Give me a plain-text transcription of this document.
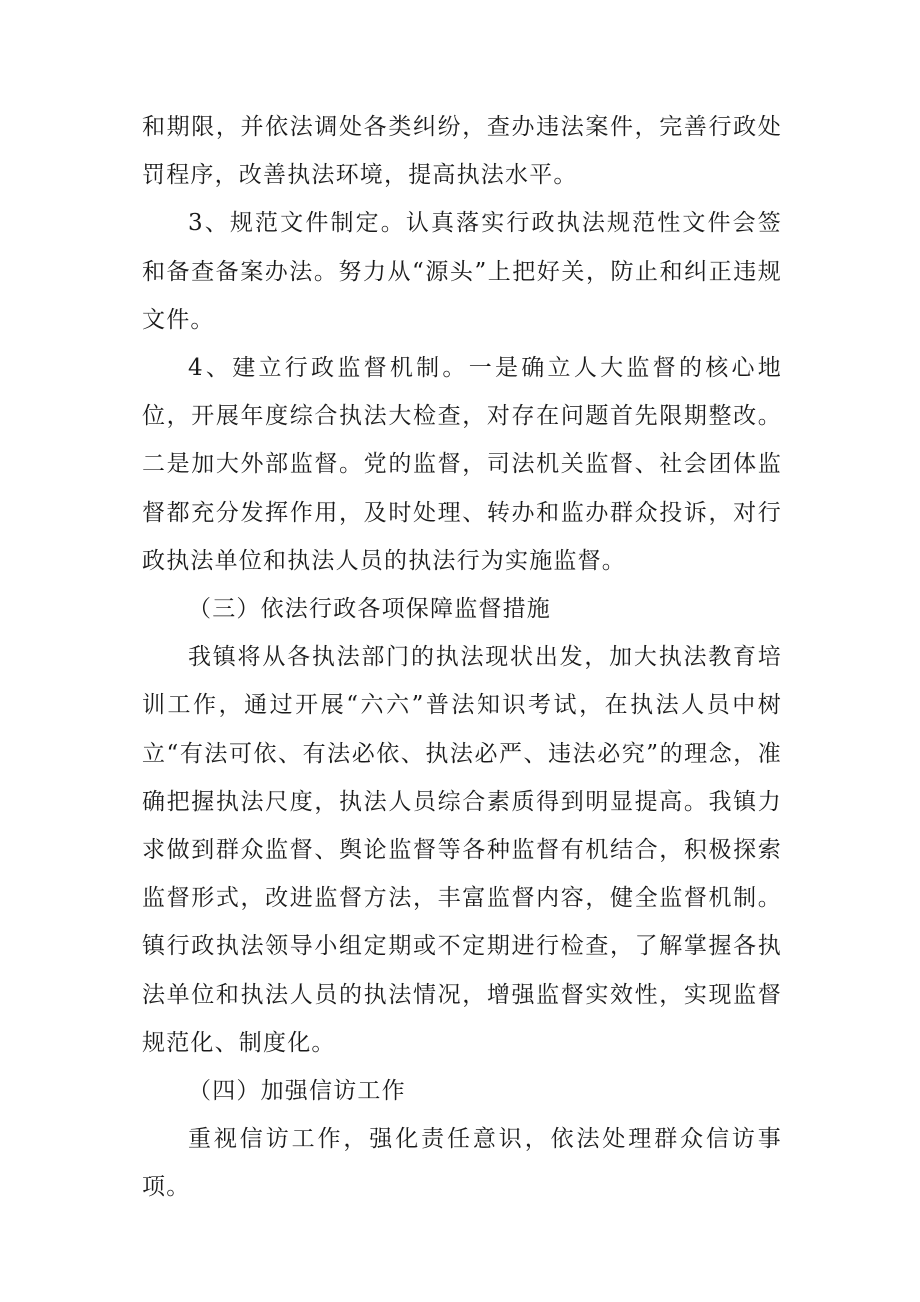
和期限，并依法调处各类纠纷，查办违法案件，完善行政处罚程序，改善执法环境，提高执法水平。

3、规范文件制定。认真落实行政执法规范性文件会签和备查备案办法。努力从“源头”上把好关，防止和纠正违规文件。

4、建立行政监督机制。一是确立人大监督的核心地位，开展年度综合执法大检查，对存在问题首先限期整改。二是加大外部监督。党的监督，司法机关监督、社会团体监督都充分发挥作用，及时处理、转办和监办群众投诉，对行政执法单位和执法人员的执法行为实施监督。

（三）依法行政各项保障监督措施

我镇将从各执法部门的执法现状出发，加大执法教育培训工作，通过开展“六六”普法知识考试，在执法人员中树立“有法可依、有法必依、执法必严、违法必究”的理念，准确把握执法尺度，执法人员综合素质得到明显提高。我镇力求做到群众监督、舆论监督等各种监督有机结合，积极探索监督形式，改进监督方法，丰富监督内容，健全监督机制。镇行政执法领导小组定期或不定期进行检查，了解掌握各执法单位和执法人员的执法情况，增强监督实效性，实现监督规范化、制度化。

（四）加强信访工作

重视信访工作，强化责任意识，依法处理群众信访事项。
